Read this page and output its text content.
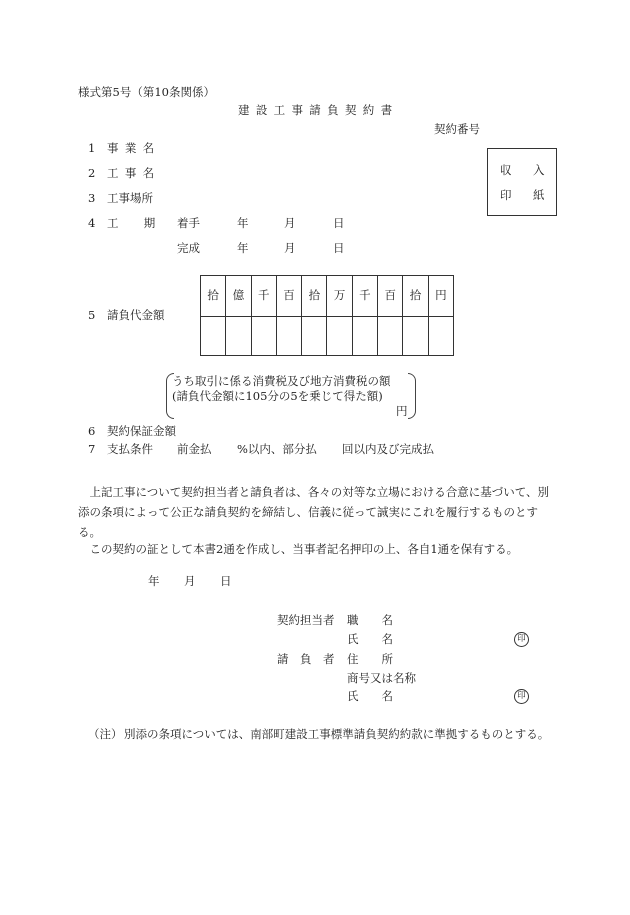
様式第5号（第10条関係）
建設工事請負契約書
契約番号
収 入
印 紙
1 事業名
2 工事名
3 工事場所
4 工　期 着手	年	月	日
完成	年	月	日
5 請負代金額
拾	億	千	百	拾	万	千	百	拾	円

うち取引に係る消費税及び地方消費税の額
(請負代金額に105分の5を乗じて得た額)
円
6 契約保証金額
7 支払条件 前金払 %以内、部分払 回以内及び完成払
上記工事について契約担当者と請負者は、各々の対等な立場における合意に基づいて、別添の条項によって公正な請負契約を締結し、信義に従って誠実にこれを履行するものとする。
この契約の証として本書2通を作成し、当事者記名押印の上、各自1通を保有する。
年 月 日
契約担当者 職　　名
氏　　名	印
請　負　者 住　　所
商号又は名称
氏　　名	印
（注） 別添の条項については、南部町建設工事標準請負契約約款に準拠するものとする。
